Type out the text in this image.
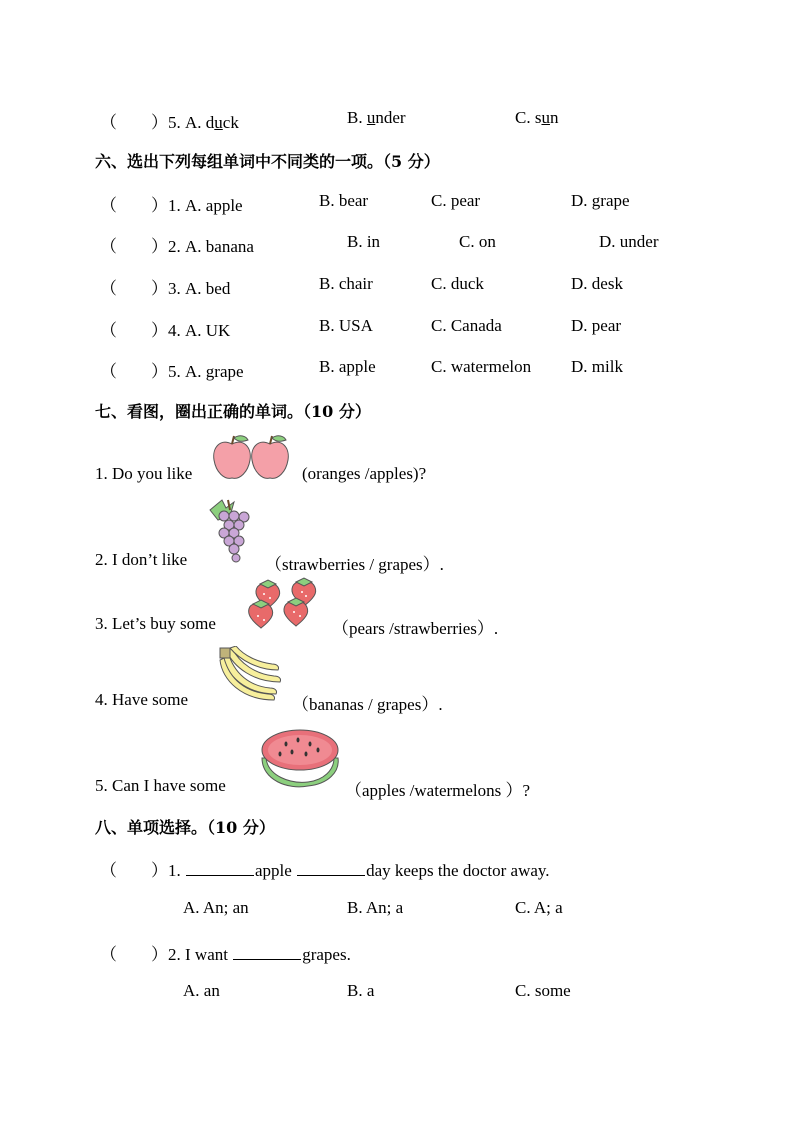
（　　）5. A. duck	B. under	C. sun
六、选出下列每组单词中不同类的一项。（5 分）
（　　）1. A. apple	B. bear	C. pear	D. grape
（　　）2. A. banana	B. in	C. on	D. under
（　　）3. A. bed	B. chair	C. duck	D. desk
（　　）4. A. UK	B. USA	C. Canada	D. pear
（　　）5. A. grape	B. apple	C. watermelon D. milk
七、看图，圈出正确的单词。（10 分）
1. Do you like	(oranges /apples)?
2. I don’t like	（strawberries / grapes）.
3. Let’s buy some	（pears /strawberries）.
4. Have some	（bananas / grapes）.
5. Can I have some	（apples /watermelons ）?
八、单项选择。（10 分）
（　　）1.	apple	day keeps the doctor away.
A. An; an	B. An; a	C. A; a
（　　）2. I want	grapes.
A. an	B. a	C. some
